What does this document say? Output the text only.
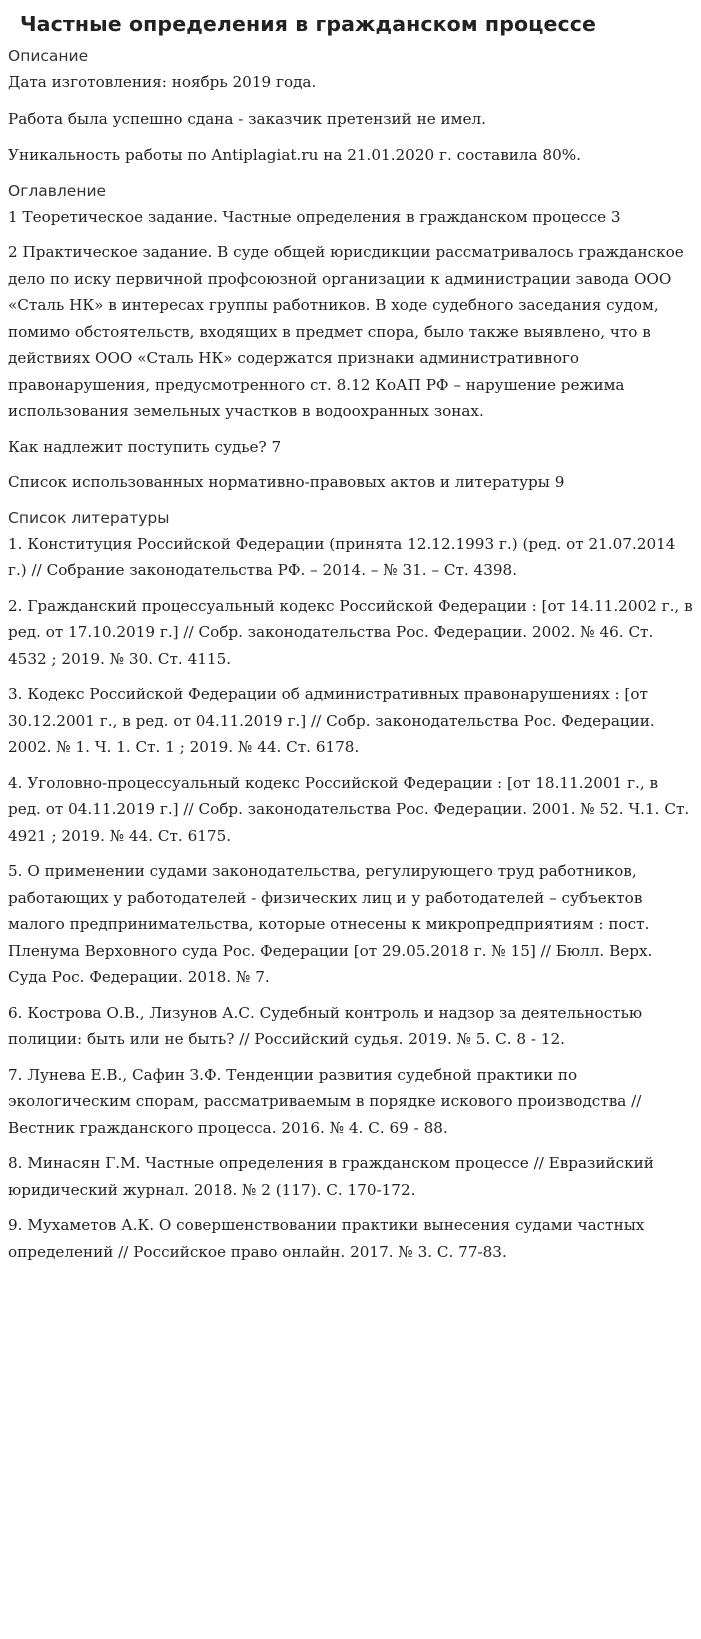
Частные определения в гражданском процессе

Описание

Дата изготовления: ноябрь 2019 года.

Работа была успешно сдана - заказчик претензий не имел.

Уникальность работы по Antiplagiat.ru на 21.01.2020 г. составила 80%.

Оглавление

1 Теоретическое задание. Частные определения в гражданском процессе 3

2 Практическое задание. В суде общей юрисдикции рассматривалось гражданское дело по иску первичной профсоюзной организации к администрации завода ООО «Сталь НК» в интересах группы работников. В ходе судебного заседания судом, помимо обстоятельств, входящих в предмет спора, было также выявлено, что в действиях ООО «Сталь НК» содержатся признаки административного правонарушения, предусмотренного ст. 8.12 КоАП РФ – нарушение режима использования земельных участков в водоохранных зонах.

Как надлежит поступить судье? 7

Список использованных нормативно-правовых актов и литературы 9

Список литературы

1. Конституция Российской Федерации (принята 12.12.1993 г.) (ред. от 21.07.2014 г.) // Собрание законодательства РФ. – 2014. – № 31. – Ст. 4398.

2. Гражданский процессуальный кодекс Российской Федерации : [от 14.11.2002 г., в ред. от 17.10.2019 г.] // Собр. законодательства Рос. Федерации. 2002. № 46. Ст. 4532 ; 2019. № 30. Ст. 4115.

3. Кодекс Российской Федерации об административных правонарушениях : [от 30.12.2001 г., в ред. от 04.11.2019 г.] // Собр. законодательства Рос. Федерации. 2002. № 1. Ч. 1. Ст. 1 ; 2019. № 44. Ст. 6178.

4. Уголовно-процессуальный кодекс Российской Федерации : [от 18.11.2001 г., в ред. от 04.11.2019 г.] // Собр. законодательства Рос. Федерации. 2001. № 52. Ч.1. Ст. 4921 ; 2019. № 44. Ст. 6175.

5. О применении судами законодательства, регулирующего труд работников, работающих у работодателей - физических лиц и у работодателей – субъектов малого предпринимательства, которые отнесены к микропредприятиям : пост. Пленума Верховного суда Рос. Федерации [от 29.05.2018 г. № 15] // Бюлл. Верх. Суда Рос. Федерации. 2018. № 7.

6. Кострова О.В., Лизунов А.С. Судебный контроль и надзор за деятельностью полиции: быть или не быть? // Российский судья. 2019. № 5. С. 8 - 12.

7. Лунева Е.В., Сафин З.Ф. Тенденции развития судебной практики по экологическим спорам, рассматриваемым в порядке искового производства // Вестник гражданского процесса. 2016. № 4. С. 69 - 88.

8. Минасян Г.М. Частные определения в гражданском процессе // Евразийский юридический журнал. 2018. № 2 (117). С. 170-172.

9. Мухаметов А.К. О совершенствовании практики вынесения судами частных определений // Российское право онлайн. 2017. № 3. С. 77-83.
